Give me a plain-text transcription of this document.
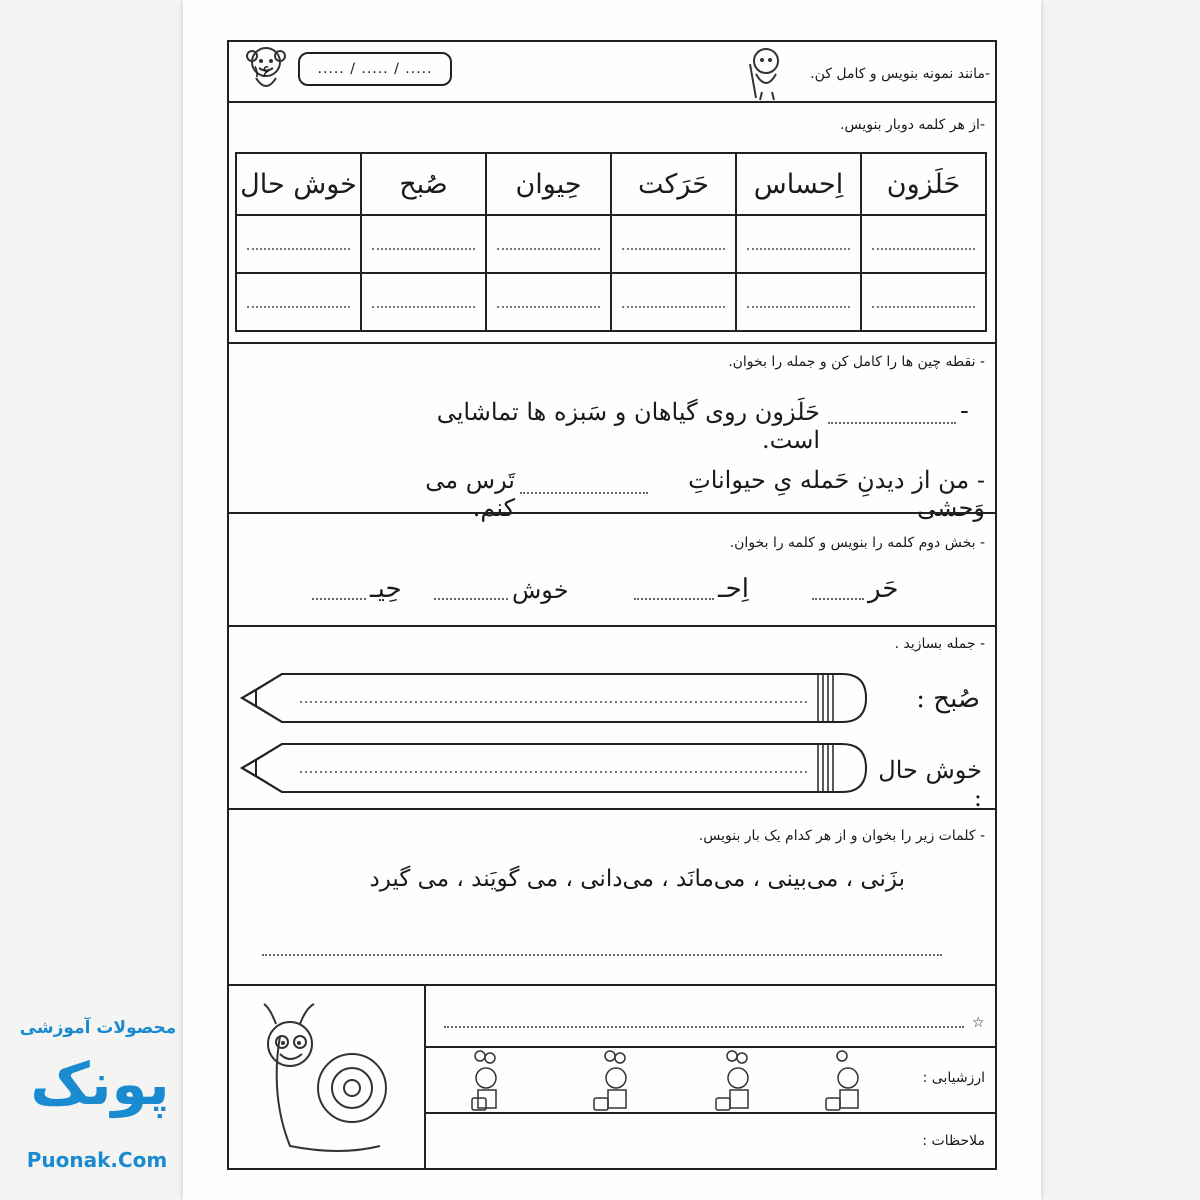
۱۶	..... / ..... / .....	-مانند نمونه بنویس و کامل کن.
-از هر کلمه دوبار بنویس.
حَلَزون	اِحساس	حَرَکت	حِیوان	صُبح	خوش حال

- نقطه چین ها را کامل کن و جمله را بخوان.
-
حَلَزون روی گیاهان و سَبزه ها تماشایی است.
- من از دیدنِ حَمله یِ حیواناتِ وَحشی
تَرس می کنم.
- بخش دوم کلمه را بنویس و کلمه را بخوان.
حَر
اِحـ
خوش
حِیـ
- جمله بسازید .
صُبح :
خوش حال :
- کلمات زیر را بخوان و از هر کدام یک بار بنویس.
بزَنی ، می‌بینی ، می‌مانَد ، می‌دانی ، می گویَند ، می گیرد
☆
ارزشیابی :
ملاحظات :
محصولات آموزشی
پونک
Puonak.Com
